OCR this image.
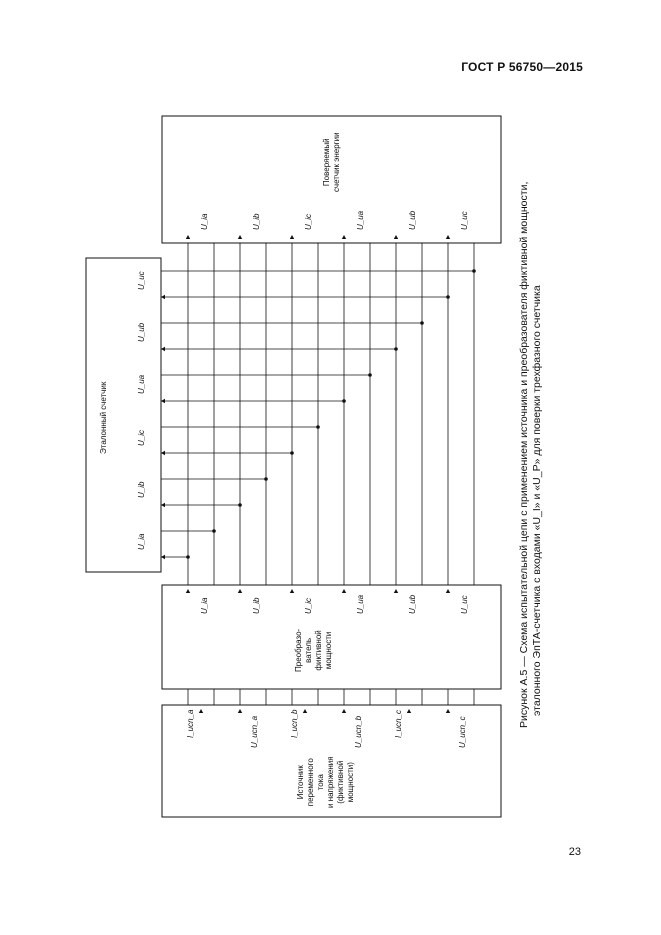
ГОСТ Р 56750—2015
Поверяемый счетчик энергии
Эталонный счетчик
Преобразо- ватель фиктивной мощности
Источник переменного тока и напряжения (фиктивной мощности)
U_ia	U_ib	U_ic	U_ua	U_ub	U_uc
U_ia
U_ib
U_ic
U_ua
U_ub
U_uc
U_ia	U_ib	U_ic	U_ua	U_ub	U_uc
I_ucn_a	U_ucn_a	I_ucn_b	U_ucn_b	I_ucn_c	U_ucn_c
Рисунок А.5 — Схема испытательной цепи с применением источника и преобразователя фиктивной мощности, эталонного ЭпТА-счетчика с входами «U_I» и «U_P» для поверки трехфазного счетчика
23
